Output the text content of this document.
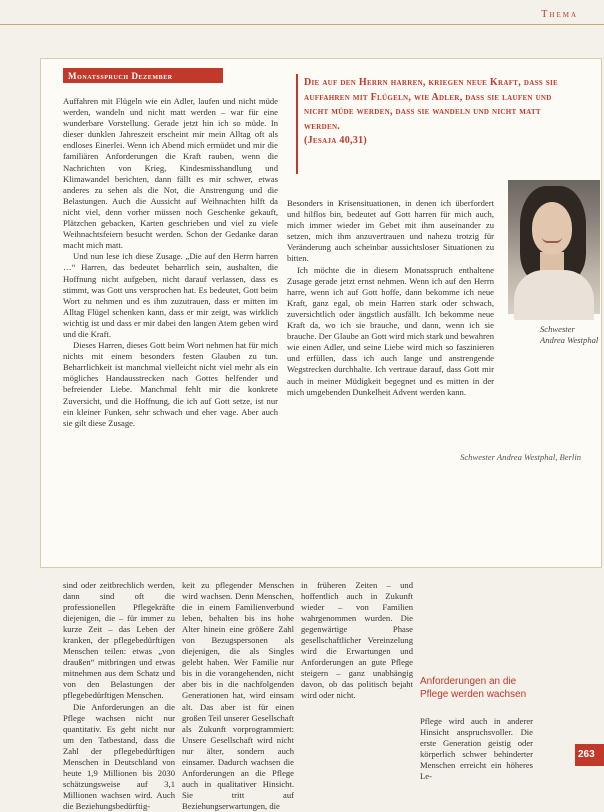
Thema
Monatsspruch Dezember
Die auf den Herrn harren, kriegen neue Kraft, dass sie auffahren mit Flügeln, wie Adler, dass sie laufen und nicht müde werden, dass sie wandeln und nicht matt werden.
(Jesaja 40,31)

Auffahren mit Flügeln wie ein Adler, laufen und nicht müde werden, wandeln und nicht matt werden – war für eine wunderbare Vorstellung. Gerade jetzt hin ich so müde. In dieser dunklen Jahreszeit erscheint mir mein Alltag oft als endloses Einerlei. Wenn ich Abend mich ermüdet und mir die familiären Anforderungen die Kraft rauben, wenn die Nachrichten von Krieg, Kindesmisshandlung und Klimawandel berichten, dann fällt es mir schwer, etwas anderes zu sehen als die Not, die Anstrengung und die Belastungen. Auch die Aussicht auf Weihnachten hilft da nicht viel, denn vorher müssen noch Geschenke gekauft, Plätzchen gebacken, Karten geschrieben und viel zu viele Weihnachtsfeiern besucht werden. Schon der Gedanke daran macht mich matt.

Und nun lese ich diese Zusage. „Die auf den Herrn harren …“ Harren, das bedeutet beharrlich sein, aushalten, die Hoffnung nicht aufgeben, nicht darauf verlassen, dass es stimmt, was Gott uns versprochen hat. Es bedeutet, Gott beim Wort zu nehmen und es ihm zuzutrauen, dass er mitten im Alltag Flügel schenken kann, dass er mir zeigt, was wirklich wichtig ist und dass er mir dabei den langen Atem geben wird und die Kraft.

Dieses Harren, dieses Gott beim Wort nehmen hat für mich nichts mit einem besonders festen Glauben zu tun. Beharrlichkeit ist manchmal vielleicht nicht viel mehr als ein mögliches Handausstrecken nach Gottes helfender und befreiender Liebe. Manchmal fehlt mir die konkrete Zuversicht, und die Hoffnung, die ich auf Gott setze, ist nur ein kleiner Funken, sehr schwach und eher vage. Aber auch sie gilt diese Zusage.

Besonders in Krisensituationen, in denen ich überfordert und hilflos bin, bedeutet auf Gott harren für mich auch, mich immer wieder im Gebet mit ihm auseinander zu setzen, mich ihm anzuvertrauen und nahezu trotzig für Veränderung auch scheinbar aussichtsloser Situationen zu bitten.

Ich möchte die in diesem Monatsspruch enthaltene Zusage gerade jetzt ernst nehmen. Wenn ich auf den Herrn harre, wenn ich auf Gott hoffe, dann bekomme ich neue Kraft, ganz egal, ob mein Harren stark oder schwach, zuversichtlich oder ängstlich ausfällt. Ich bekomme neue Kraft da, wo ich sie brauche, und dann, wenn ich sie brauche. Der Glaube an Gott wird mich stark und bewahren wie einen Adler, und seine Liebe wird mich so faszinieren und erfüllen, dass ich auch lange und anstrengende Wegstrecken durchhalte. Ich vertraue darauf, dass Gott mir auch in meiner Müdigkeit begegnet und es mitten in der mich umgebenden Dunkelheit Advent werden kann.

Schwester Andrea Westphal, Berlin
Schwester Andrea Westphal

sind oder zeitbrechlich werden, dann sind oft die professionellen Pflegekräfte diejenigen, die – für immer zu kurze Zeit – das Leben der kranken, der pflegebedürftigen Menschen teilen: etwas „von draußen“ mitbringen und etwas mitnehmen aus dem Schatz und von den Belastungen der pflegebedürftigen Menschen.

Die Anforderungen an die Pflege wachsen nicht nur quantitativ. Es geht nicht nur um den Tatbestand, dass die Zahl der pflegebedürftigen Menschen in Deutschland von heute 1,9 Millionen bis 2030 schätzungsweise auf 3,1 Millionen wachsen wird. Auch die Beziehungsbedürftig-

keit zu pflegender Menschen wird wachsen. Denn Menschen, die in einem Familienverbund leben, behalten bis ins hohe Alter hinein eine größere Zahl von Bezugspersonen als diejenigen, die als Singles gelebt haben. Wer Familie nur bis in die vorangehenden, nicht aber bis in die nachfolgenden Generationen hat, wird einsam alt. Das aber ist für einen großen Teil unserer Gesellschaft als Zukunft vorprogrammiert: Unsere Gesellschaft wird nicht nur älter, sondern auch einsamer. Dadurch wachsen die Anforderungen an die Pflege auch in qualitativer Hinsicht. Sie tritt auf Beziehungserwartungen, die

in früheren Zeiten – und hoffentlich auch in Zukunft wieder – von Familien wahrgenommen wurden. Die gegenwärtige Phase gesellschaftlicher Vereinzelung wird die Erwartungen und Anforderungen an gute Pflege steigern – ganz unabhängig davon, ob das politisch bejaht wird oder nicht.

Anforderungen an die Pflege werden wachsen
Pflege wird auch in anderer Hinsicht anspruchsvoller. Die erste Generation geistig oder körperlich schwer behinderter Menschen erreicht ein höheres Le-
263
